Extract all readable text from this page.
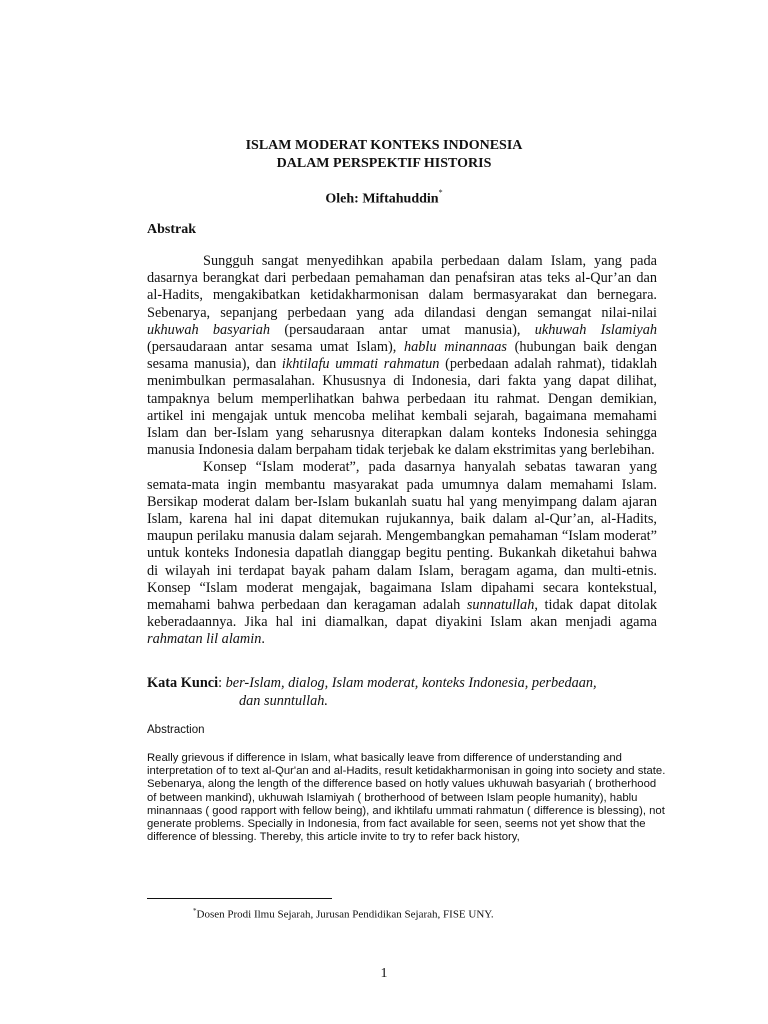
ISLAM MODERAT KONTEKS INDONESIA
DALAM PERSPEKTIF HISTORIS
Oleh: Miftahuddin*
Abstrak

Sungguh sangat menyedihkan apabila perbedaan dalam Islam, yang pada dasarnya berangkat dari perbedaan pemahaman dan penafsiran atas teks al-Qur’an dan al-Hadits, mengakibatkan ketidakharmonisan dalam bermasyarakat dan bernegara. Sebenarya, sepanjang perbedaan yang ada dilandasi dengan semangat nilai-nilai ukhuwah basyariah (persaudaraan antar umat manusia), ukhuwah Islamiyah (persaudaraan antar sesama umat Islam), hablu minannaas (hubungan baik dengan sesama manusia), dan ikhtilafu ummati rahmatun (perbedaan adalah rahmat), tidaklah menimbulkan permasalahan. Khususnya di Indonesia, dari fakta yang dapat dilihat, tampaknya belum memperlihatkan bahwa perbedaan itu rahmat. Dengan demikian, artikel ini mengajak untuk mencoba melihat kembali sejarah, bagaimana memahami Islam dan ber-Islam yang seharusnya diterapkan dalam konteks Indonesia sehingga manusia Indonesia dalam berpaham tidak terjebak ke dalam ekstrimitas yang berlebihan.

Konsep “Islam moderat”, pada dasarnya hanyalah sebatas tawaran yang semata-mata ingin membantu masyarakat pada umumnya dalam memahami Islam. Bersikap moderat dalam ber-Islam bukanlah suatu hal yang menyimpang dalam ajaran Islam, karena hal ini dapat ditemukan rujukannya, baik dalam al-Qur’an, al-Hadits, maupun perilaku manusia dalam sejarah. Mengembangkan pemahaman “Islam moderat” untuk konteks Indonesia dapatlah dianggap begitu penting. Bukankah diketahui bahwa di wilayah ini terdapat bayak paham dalam Islam, beragam agama, dan multi-etnis. Konsep “Islam moderat mengajak, bagaimana Islam dipahami secara kontekstual, memahami bahwa perbedaan dan keragaman adalah sunnatullah, tidak dapat ditolak keberadaannya. Jika hal ini diamalkan, dapat diyakini Islam akan menjadi agama rahmatan lil alamin.

Kata Kunci: ber-Islam, dialog, Islam moderat, konteks Indonesia, perbedaan,
dan sunntullah.
Abstraction
Really grievous if difference in Islam, what basically leave from difference of understanding and interpretation of to text al-Qur'an and al-Hadits, result ketidakharmonisan in going into society and state. Sebenarya, along the length of the difference based on hotly values ukhuwah basyariah ( brotherhood of between mankind), ukhuwah Islamiyah ( brotherhood of between Islam people humanity), hablu minannaas ( good rapport with fellow being), and ikhtilafu ummati rahmatun ( difference is blessing), not generate problems. Specially in Indonesia, from fact available for seen, seems not yet show that the difference of blessing. Thereby, this article invite to try to refer back history,
*Dosen Prodi Ilmu Sejarah, Jurusan Pendidikan Sejarah, FISE UNY.
1
